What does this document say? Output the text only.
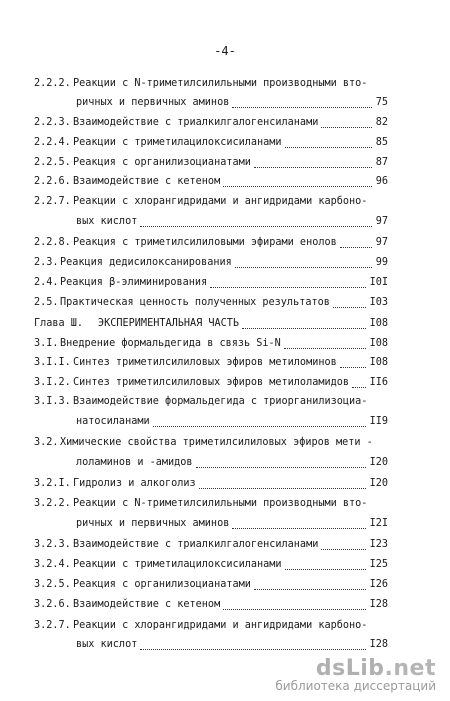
-4-
2.2.2. Реакции с N-триметилсилильными производными вто-
ричных и первичных аминов	75
2.2.3. Взаимодействие с триалкилгалогенсиланами	82
2.2.4. Реакции с триметилацилоксисиланами	85
2.2.5. Реакция с органилизоцианатами	87
2.2.6. Взаимодействие с кетеном	96
2.2.7. Реакции с хлорангидридами и ангидридами карбоно-
вых кислот	97
2.2.8. Реакция с триметилсилиловыми эфирами енолов	97
2.3. Реакция дедисилоксанирования	99
2.4. Реакция β-элиминирования	I0I
2.5. Практическая ценность полученных результатов	I03
Глава Ш. ЭКСПЕРИМЕНТАЛЬНАЯ ЧАСТЬ	I08
3.I. Внедрение формальдегида в связь Si-N	I08
3.I.I. Синтез триметилсилиловых эфиров метиломинов	I08
3.I.2. Синтез триметилсилиловых эфиров метилоламидов II6
3.I.3. Взаимодействие формальдегида с триорганилизоциа-
натосиланами	II9
3.2. Химические свойства триметилсилиловых эфиров мети -
лоламинов и -амидов	I20
3.2.I. Гидролиз и алкоголиз	I20
3.2.2. Реакции с N-триметилсилильными производными вто-
ричных и первичных аминов	I2I
3.2.3. Взаимодействие с триалкилгалогенсиланами	I23
3.2.4. Реакции с триметилацилоксисиланами	I25
3.2.5. Реакция с органилизоцианатами	I26
3.2.6. Взаимодействие с кетеном	I28
3.2.7. Реакции с хлорангидридами и ангидридами карбоно-
вых кислот	I28
dsLib.net
библиотека диссертаций
